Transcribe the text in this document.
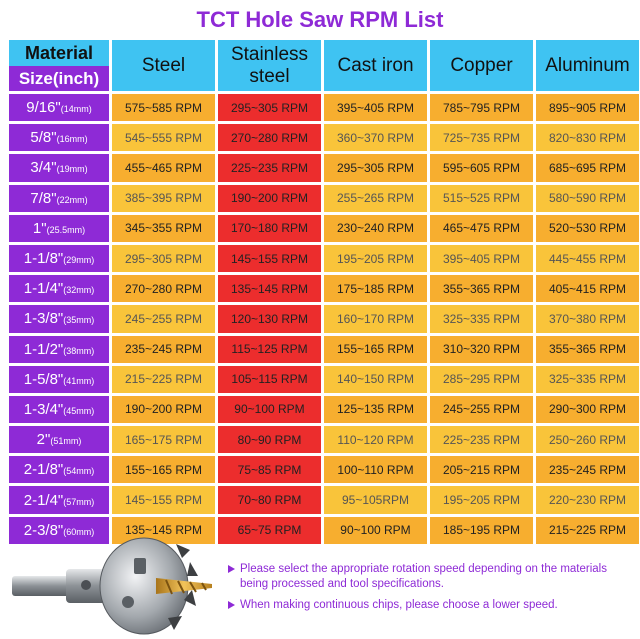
TCT Hole Saw RPM List
Material
Size(inch)	Steel	Stainless steel	Cast iron	Copper	Aluminum
9/16"(14mm)	575~585 RPM	295~305 RPM	395~405 RPM	785~795 RPM	895~905 RPM
5/8"(16mm)	545~555 RPM	270~280 RPM	360~370 RPM	725~735 RPM	820~830 RPM
3/4"(19mm)	455~465 RPM	225~235 RPM	295~305 RPM	595~605 RPM	685~695 RPM
7/8"(22mm)	385~395 RPM	190~200 RPM	255~265 RPM	515~525 RPM	580~590 RPM
1"(25.5mm)	345~355 RPM	170~180 RPM	230~240 RPM	465~475 RPM	520~530 RPM
1-1/8"(29mm)	295~305 RPM	145~155 RPM	195~205 RPM	395~405 RPM	445~455 RPM
1-1/4"(32mm)	270~280 RPM	135~145 RPM	175~185 RPM	355~365 RPM	405~415 RPM
1-3/8"(35mm)	245~255 RPM	120~130 RPM	160~170 RPM	325~335 RPM	370~380 RPM
1-1/2"(38mm)	235~245 RPM	115~125 RPM	155~165 RPM	310~320 RPM	355~365 RPM
1-5/8"(41mm)	215~225 RPM	105~115 RPM	140~150 RPM	285~295 RPM	325~335 RPM
1-3/4"(45mm)	190~200 RPM	90~100 RPM	125~135 RPM	245~255 RPM	290~300 RPM
2"(51mm)	165~175 RPM	80~90 RPM	110~120 RPM	225~235 RPM	250~260 RPM
2-1/8"(54mm)	155~165 RPM	75~85 RPM	100~110 RPM	205~215 RPM	235~245 RPM
2-1/4"(57mm)	145~155 RPM	70~80 RPM	95~105RPM	195~205 RPM	220~230 RPM
2-3/8"(60mm)	135~145 RPM	65~75 RPM	90~100 RPM	185~195 RPM	215~225 RPM
Please select the appropriate rotation speed depending on the materials being processed and tool specifications.
When making continuous chips, please choose a lower speed.
